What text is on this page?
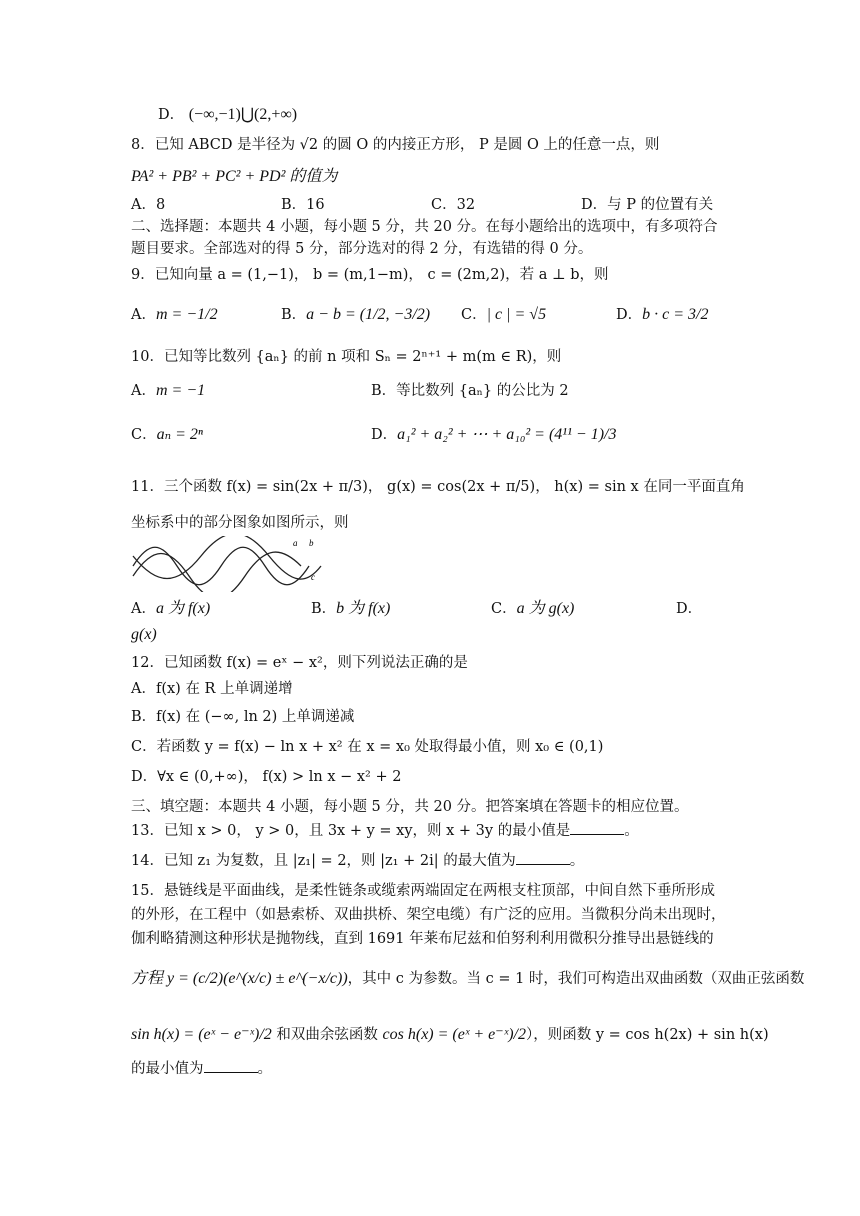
D． (−∞,−1)⋃(2,+∞)
8．已知 ABCD 是半径为 √2 的圆 O 的内接正方形， P 是圆 O 上的任意一点，则
PA² + PB² + PC² + PD² 的值为
A．8	B．16	C．32	D．与 P 的位置有关
二、选择题：本题共 4 小题，每小题 5 分，共 20 分。在每小题给出的选项中，有多项符合
题目要求。全部选对的得 5 分，部分选对的得 2 分，有选错的得 0 分。
9．已知向量 a = (1,−1)， b = (m,1−m)， c = (2m,2)，若 a ⊥ b，则
A．m = −1/2	B．a − b = (1/2, −3/2) C．| c | = √5	D．b · c = 3/2
10．已知等比数列 {aₙ} 的前 n 项和 Sₙ = 2ⁿ⁺¹ + m(m ∈ R)，则
A．m = −1	B．等比数列 {aₙ} 的公比为 2
C．aₙ = 2ⁿ	D．a₁² + a₂² + ⋯ + a₁₀² = (4¹¹ − 1)/3
11．三个函数 f(x) = sin(2x + π/3)， g(x) = cos(2x + π/5)， h(x) = sin x 在同一平面直角
坐标系中的部分图象如图所示，则
a b
c
A．a 为 f(x)	B．b 为 f(x)	C．a 为 g(x)	D．
g(x)
12．已知函数 f(x) = eˣ − x²，则下列说法正确的是
A．f(x) 在 R 上单调递增
B．f(x) 在 (−∞, ln 2) 上单调递减
C．若函数 y = f(x) − ln x + x² 在 x = x₀ 处取得最小值，则 x₀ ∈ (0,1)
D．∀x ∈ (0,+∞)， f(x) > ln x − x² + 2
三、填空题：本题共 4 小题，每小题 5 分，共 20 分。把答案填在答题卡的相应位置。
13．已知 x > 0， y > 0，且 3x + y = xy，则 x + 3y 的最小值是	。
14．已知 z₁ 为复数，且 |z₁| = 2，则 |z₁ + 2i| 的最大值为	。
15．悬链线是平面曲线，是柔性链条或缆索两端固定在两根支柱顶部，中间自然下垂所形成
的外形，在工程中（如悬索桥、双曲拱桥、架空电缆）有广泛的应用。当微积分尚未出现时，
伽利略猜测这种形状是抛物线，直到 1691 年莱布尼兹和伯努利利用微积分推导出悬链线的
方程 y = (c/2)(e^(x/c) ± e^(−x/c))，其中 c 为参数。当 c = 1 时，我们可构造出双曲函数（双曲正弦函数
sin h(x) = (eˣ − e⁻ˣ)/2 和双曲余弦函数 cos h(x) = (eˣ + e⁻ˣ)/2），则函数 y = cos h(2x) + sin h(x)
的最小值为	。
